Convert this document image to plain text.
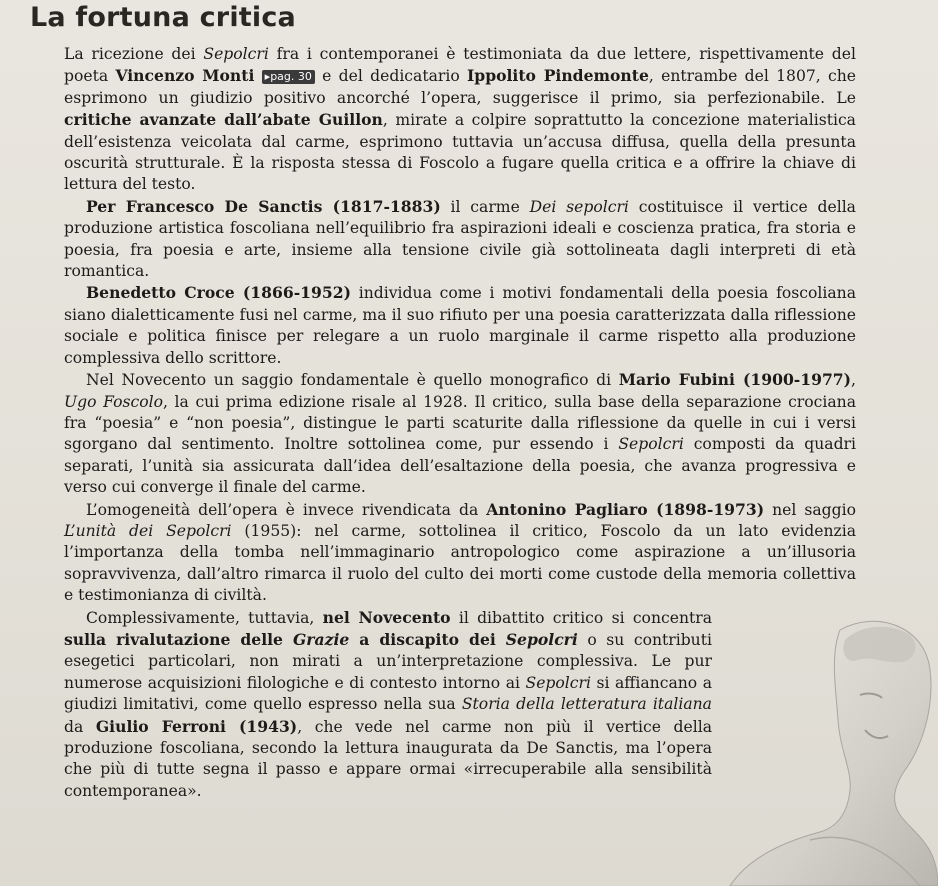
La fortuna critica

La ricezione dei Sepolcri fra i contemporanei è testimoniata da due lettere, rispettivamente del poeta Vincenzo Monti ▸pag. 30 e del dedicatario Ippolito Pindemonte, entrambe del 1807, che esprimono un giudizio positivo ancorché l’opera, suggerisce il primo, sia perfezionabile. Le critiche avanzate dall’abate Guillon, mirate a colpire soprattutto la concezione materialistica dell’esistenza veicolata dal carme, esprimono tuttavia un’accusa diffusa, quella della presunta oscurità strutturale. È la risposta stessa di Foscolo a fugare quella critica e a offrire la chiave di lettura del testo.

Per Francesco De Sanctis (1817-1883) il carme Dei sepolcri costituisce il vertice della produzione artistica foscoliana nell’equilibrio fra aspirazioni ideali e coscienza pratica, fra storia e poesia, fra poesia e arte, insieme alla tensione civile già sottolineata dagli interpreti di età romantica.

Benedetto Croce (1866-1952) individua come i motivi fondamentali della poesia foscoliana siano dialetticamente fusi nel carme, ma il suo rifiuto per una poesia caratterizzata dalla riflessione sociale e politica finisce per relegare a un ruolo marginale il carme rispetto alla produzione complessiva dello scrittore.

Nel Novecento un saggio fondamentale è quello monografico di Mario Fubini (1900-1977), Ugo Foscolo, la cui prima edizione risale al 1928. Il critico, sulla base della separazione crociana fra “poesia” e “non poesia”, distingue le parti scaturite dalla riflessione da quelle in cui i versi sgorgano dal sentimento. Inoltre sottolinea come, pur essendo i Sepolcri composti da quadri separati, l’unità sia assicurata dall’idea dell’esaltazione della poesia, che avanza progressiva e verso cui converge il finale del carme.

L’omogeneità dell’opera è invece rivendicata da Antonino Pagliaro (1898-1973) nel saggio L’unità dei Sepolcri (1955): nel carme, sottolinea il critico, Foscolo da un lato evidenzia l’importanza della tomba nell’immaginario antropologico come aspirazione a un’illusoria sopravvivenza, dall’altro rimarca il ruolo del culto dei morti come custode della memoria collettiva e testimonianza di civiltà.

Complessivamente, tuttavia, nel Novecento il dibattito critico si concentra sulla rivalutazione delle Grazie a discapito dei Sepolcri o su contributi esegetici particolari, non mirati a un’interpretazione complessiva. Le pur numerose acquisizioni filologiche e di contesto intorno ai Sepolcri si affiancano a giudizi limitativi, come quello espresso nella sua Storia della letteratura italiana da Giulio Ferroni (1943), che vede nel carme non più il vertice della produzione foscoliana, secondo la lettura inaugurata da De Sanctis, ma l’opera che più di tutte segna il passo e appare ormai «irrecuperabile alla sensibilità contemporanea».
